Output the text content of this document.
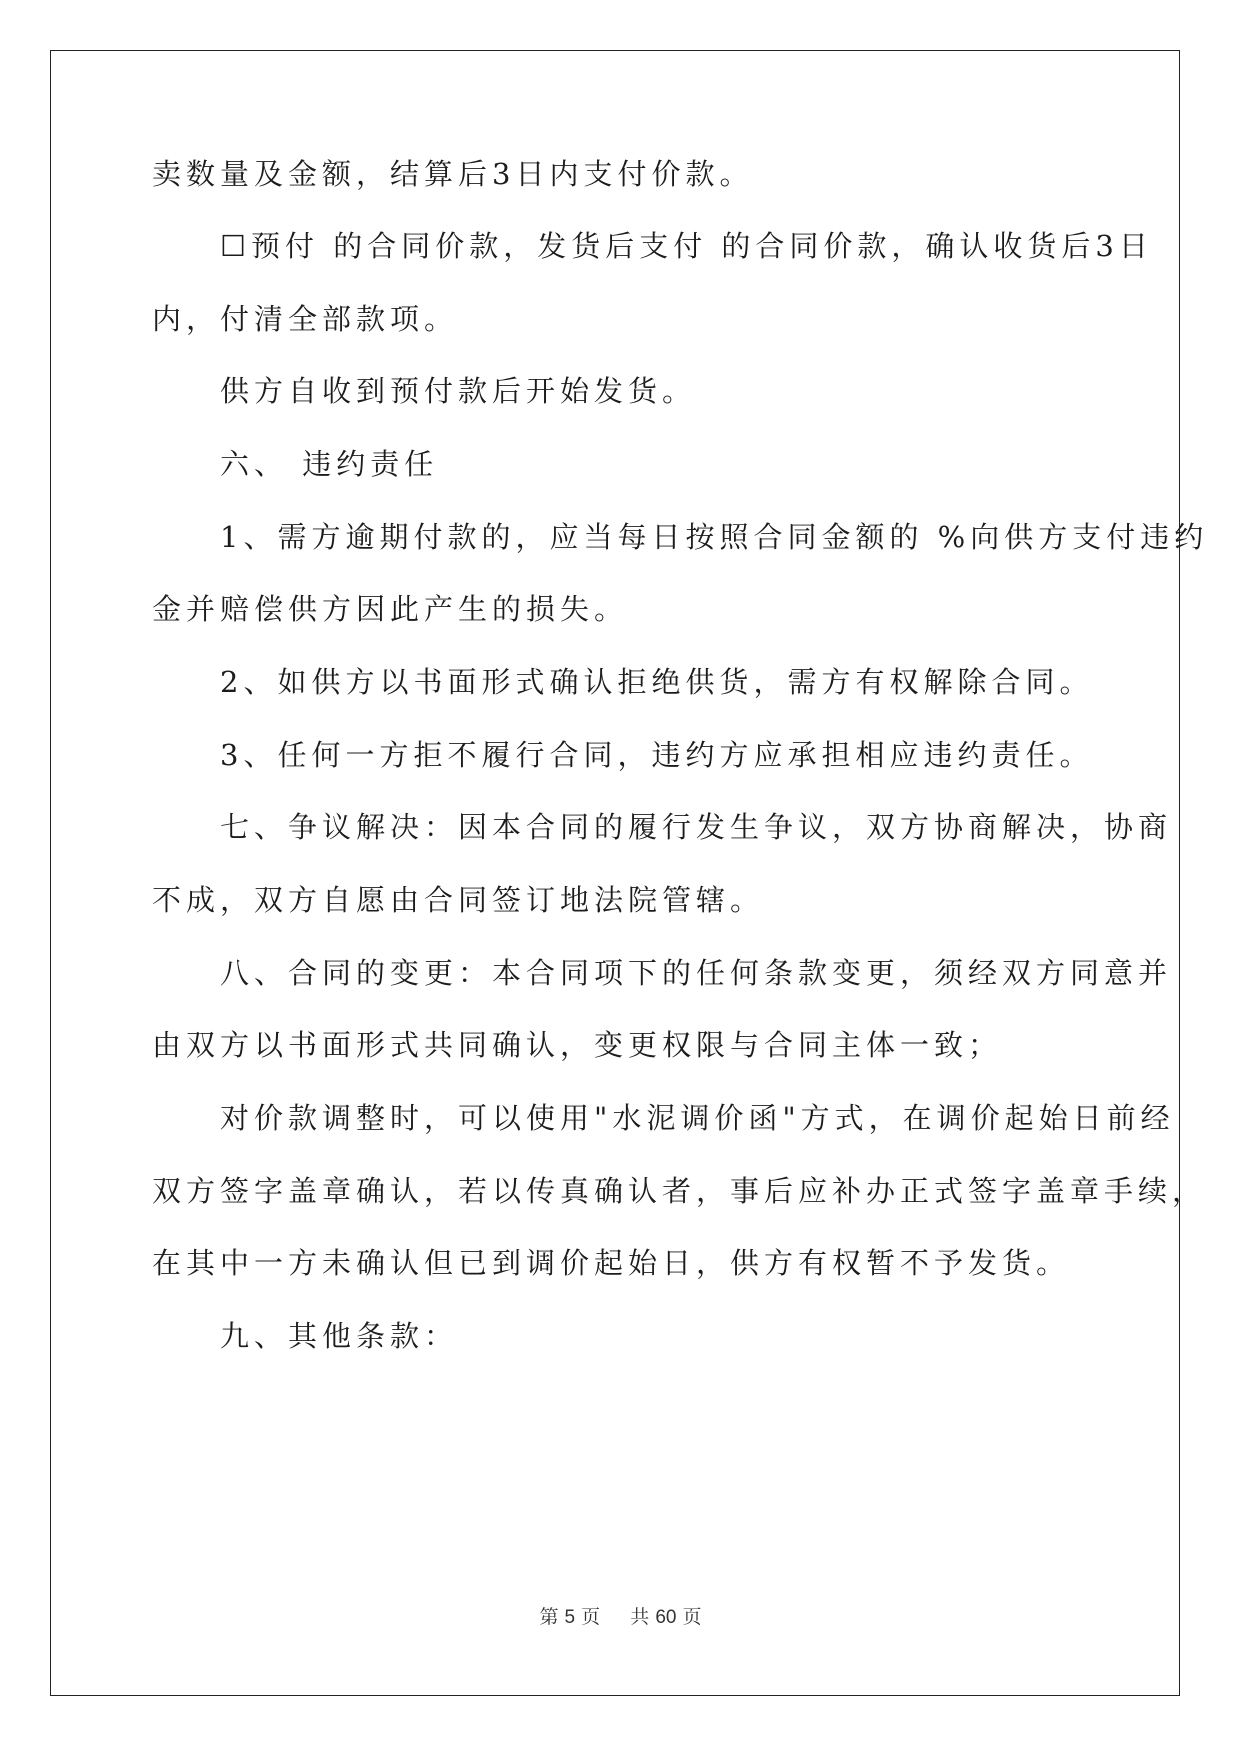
卖数量及金额，结算后3日内支付价款。
　　☐预付 的合同价款，发货后支付 的合同价款，确认收货后3日
内，付清全部款项。
　　供方自收到预付款后开始发货。
　　六、 违约责任
　　1、需方逾期付款的，应当每日按照合同金额的 %向供方支付违约
金并赔偿供方因此产生的损失。
　　2、如供方以书面形式确认拒绝供货，需方有权解除合同。
　　3、任何一方拒不履行合同，违约方应承担相应违约责任。
　　七、争议解决：因本合同的履行发生争议，双方协商解决，协商
不成，双方自愿由合同签订地法院管辖。
　　八、合同的变更：本合同项下的任何条款变更，须经双方同意并
由双方以书面形式共同确认，变更权限与合同主体一致；
　　对价款调整时，可以使用"水泥调价函"方式，在调价起始日前经
双方签字盖章确认，若以传真确认者，事后应补办正式签字盖章手续，
在其中一方未确认但已到调价起始日，供方有权暂不予发货。
　　九、其他条款：
第 5 页 共 60 页
